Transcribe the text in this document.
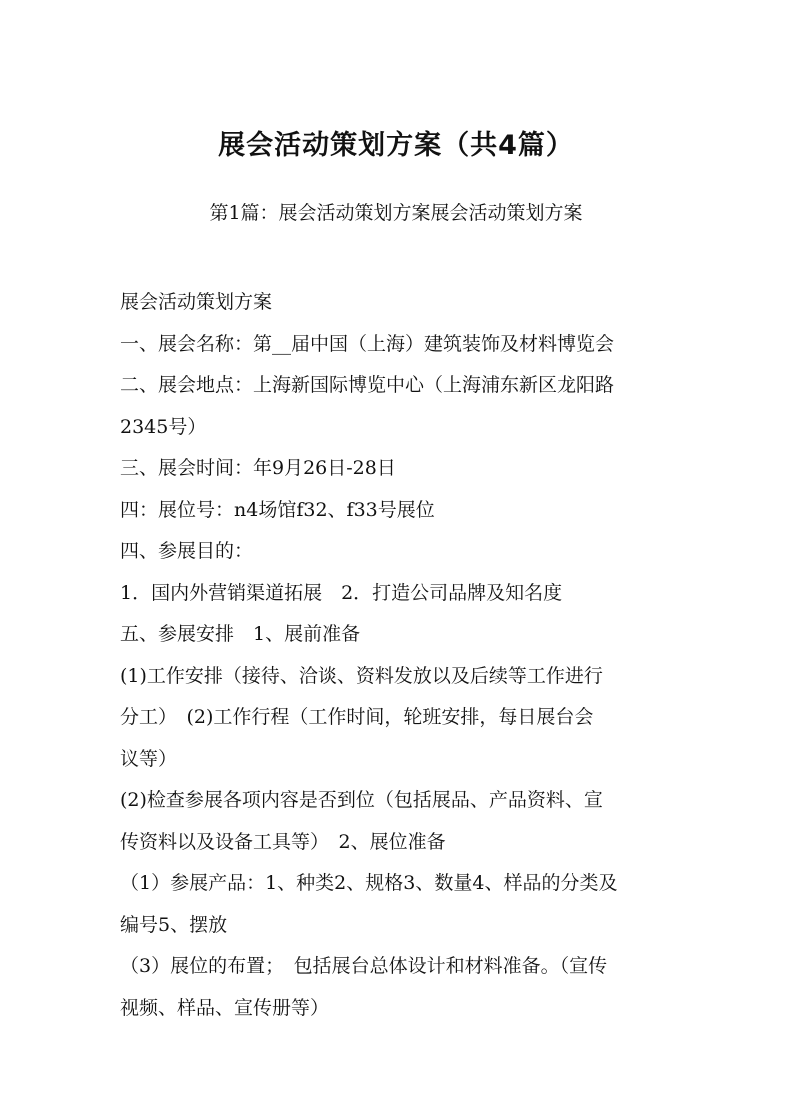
展会活动策划方案（共4篇）

第1篇：展会活动策划方案展会活动策划方案

展会活动策划方案

一、展会名称：第__届中国（上海）建筑装饰及材料博览会

二、展会地点：上海新国际博览中心（上海浦东新区龙阳路

2345号）

三、展会时间：年9月26日-28日

四：展位号：n4场馆f32、f33号展位

四、参展目的：

1．国内外营销渠道拓展　2．打造公司品牌及知名度

五、参展安排　1、展前准备

(1)工作安排（接待、洽谈、资料发放以及后续等工作进行

分工）　(2)工作行程（工作时间，轮班安排，每日展台会

议等）

(2)检查参展各项内容是否到位（包括展品、产品资料、宣

传资料以及设备工具等）　2、展位准备

（1）参展产品：1、种类2、规格3、数量4、样品的分类及

编号5、摆放

（3）展位的布置；　包括展台总体设计和材料准备。（宣传

视频、样品、宣传册等）
